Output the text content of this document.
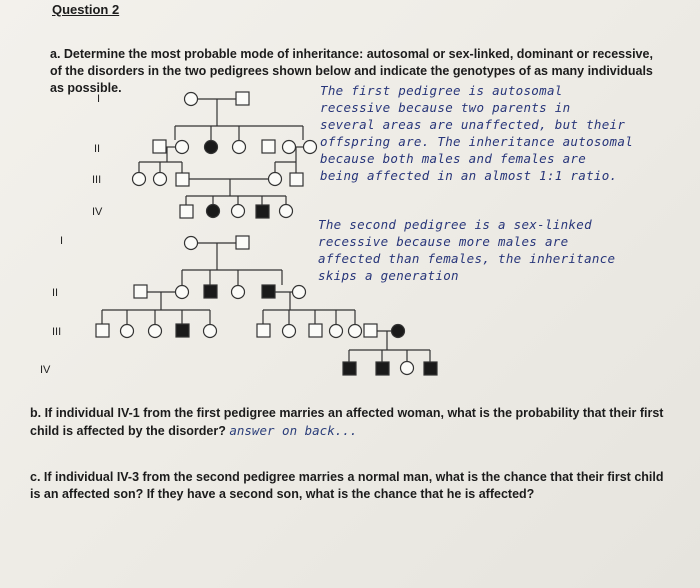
Question 2
a. Determine the most probable mode of inheritance: autosomal or sex-linked, dominant or recessive, of the disorders in the two pedigrees shown below and indicate the genotypes of as many individuals as possible.
I
II
III
IV
I
II
III
IV
The first pedigree is autosomal
recessive because two parents in
several areas are unaffected, but their
offspring are. The inheritance autosomal
because both males and females are
being affected in an almost 1:1 ratio.
The second pedigree is a sex-linked
recessive because more males are
affected than females, the inheritance
skips a generation
b. If individual IV-1 from the first pedigree marries an affected woman, what is the probability that their first child is affected by the disorder? answer on back...
c. If individual IV-3 from the second pedigree marries a normal man, what is the chance that their first child is an affected son? If they have a second son, what is the chance that he is affected?
